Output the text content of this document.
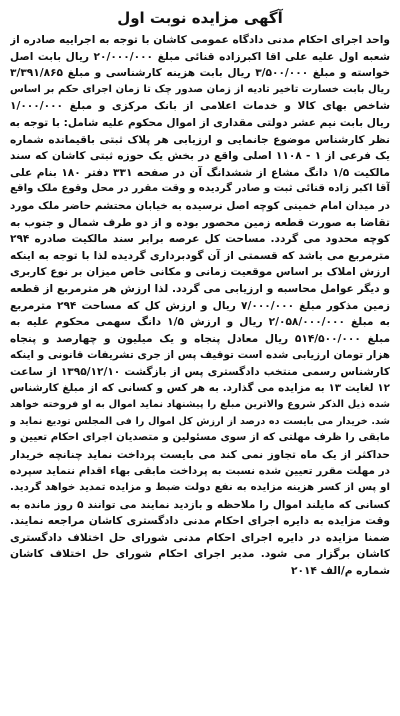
آگهی مزایده نوبت اول
واحد اجرای احکام مدنی دادگاه عمومی کاشان با توجه به اجراییه صادره از
شعبه اول علیه علی اقا اکبرزاده قنائی مبلغ ۲۰/۰۰۰/۰۰۰ ریال بابت اصل
خواسته و مبلغ ۳/۵۰۰/۰۰۰ ریال بابت هزینه کارشناسی و مبلغ ۳/۳۹۱/۸۶۵
ریال بابت خسارت تاخیر تادیه از زمان صدور چک تا زمان اجرای حکم بر اساس
شاخص بهای کالا و خدمات اعلامی از بانک مرکزی و مبلغ ۱/۰۰۰/۰۰۰
ریال بابت نیم عشر دولتی مقداری از اموال محکوم علیه شامل: با توجه به
نظر کارشناس موضوع جانمایی و ارزیابی هر پلاک ثبتی باقیمانده شماره
یک فرعی از ۱ - ۱۱۰۸ اصلی واقع در بخش یک حوزه ثبتی کاشان که سند
مالکیت ۱/۵ دانگ مشاع از ششدانگ آن در صفحه ۳۳۱ دفتر ۱۸۰ بنام علی
آقا اکبر زاده قنائی ثبت و صادر گردیده و وقت مقرر در محل وقوع ملک واقع
در میدان امام خمینی کوچه اصل نرسیده به خیابان محتشم حاضر ملک مورد
تقاضا به صورت قطعه زمین محصور بوده و از دو طرف شمال و جنوب به
کوچه محدود می گردد. مساحت کل عرصه برابر سند مالکیت صادره ۲۹۴
مترمربع می باشد که قسمتی از آن گودبرداری گردیده لذا با توجه به اینکه
ارزش املاک بر اساس موقعیت زمانی و مکانی خاص میزان بر نوع کاربری
و دیگر عوامل محاسبه و ارزیابی می گردد. لذا ارزش هر مترمربع از قطعه
زمین مذکور مبلغ ۷/۰۰۰/۰۰۰ ریال و ارزش کل که مساحت ۲۹۴ مترمربع
به مبلغ ۲/۰۵۸/۰۰۰/۰۰۰ ریال و ارزش ۱/۵ دانگ سهمی محکوم علیه به
مبلغ ۵۱۴/۵۰۰/۰۰۰ ریال معادل پنجاه و یک میلیون و چهارصد و پنجاه
هزار تومان ارزیابی شده است توقیف پس از جری تشریفات قانونی و اینکه
کارشناس رسمی منتخب دادگستری پس از بازگشت ۱۳۹۵/۱۲/۱۰ از ساعت
۱۲ لغایت ۱۳ به مزایده می گذارد. به هر کس و کسانی که از مبلغ کارشناس
شده ذیل الذکر شروع والاترین مبلغ را پیشنهاد نماید اموال به او فروخته خواهد
شد. خریدار می بایست ده درصد از ارزش کل اموال را فی المجلس تودیع نماید و
مابقی را ظرف مهلتی که از سوی مسئولین و متصدیان اجرای احکام تعیین و
حداکثر از یک ماه تجاوز نمی کند می بایست پرداخت نماید چنانچه خریدار
در مهلت مقرر تعیین شده نسبت به پرداخت مابقی بهاء اقدام ننماید سپرده
او پس از کسر هزینه مزایده به نفع دولت ضبط و مزایده تمدید خواهد گردید.
کسانی که مایلند اموال را ملاحظه و بازدید نمایند می توانند ۵ روز مانده به
وقت مزایده به دایره اجرای احکام مدنی دادگستری کاشان مراجعه نمایند.
ضمنا مزایده در دایره اجرای احکام مدنی شورای حل اختلاف دادگستری
کاشان برگزار می شود. مدیر اجرای احکام شورای حل اختلاف کاشان
شماره م/الف ۲۰۱۴
